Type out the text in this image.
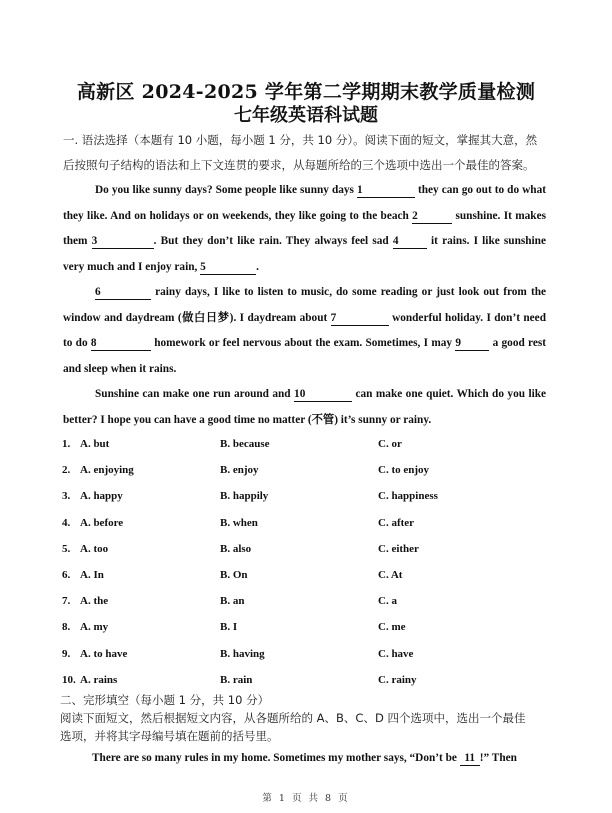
高新区 2024-2025 学年第二学期期末教学质量检测
七年级英语科试题
一. 语法选择（本题有 10 小题，每小题 1 分，共 10 分）。阅读下面的短文，掌握其大意，然
后按照句子结构的语法和上下文连贯的要求，从每题所给的三个选项中选出一个最佳的答案。

Do you like sunny days? Some people like sunny days 1	they can go out to do what they like. And on holidays or on weekends, they like going to the beach 2	sunshine. It makes them 3	. But they don’t like rain. They always feel sad 4	it rains. I like sunshine very much and I enjoy rain, 5	.

6	rainy days, I like to listen to music, do some reading or just look out from the window and daydream (做白日梦). I daydream about 7	wonderful holiday. I don’t need to do 8	homework or feel nervous about the exam. Sometimes, I may 9	a good rest and sleep when it rains.

Sunshine can make one run around and 10	can make one quiet. Which do you like better? I hope you can have a good time no matter (不管) it’s sunny or rainy.

1. A. but	B. because	C. or
2. A. enjoying	B. enjoy	C. to enjoy
3. A. happy	B. happily	C. happiness
4. A. before	B. when	C. after
5. A. too	B. also	C. either
6. A. In	B. On	C. At
7. A. the	B. an	C. a
8. A. my	B. I	C. me
9. A. to have	B. having	C. have
10. A. rains	B. rain	C. rainy

二、完形填空（每小题 1 分，共 10 分）

阅读下面短文，然后根据短文内容，从各题所给的 A、B、C、D 四个选项中，选出一个最佳

选项，并将其字母编号填在题前的括号里。

There are so many rules in my home. Sometimes my mother says, “Don’t be 11 !” Then
第 1 页 共 8 页
